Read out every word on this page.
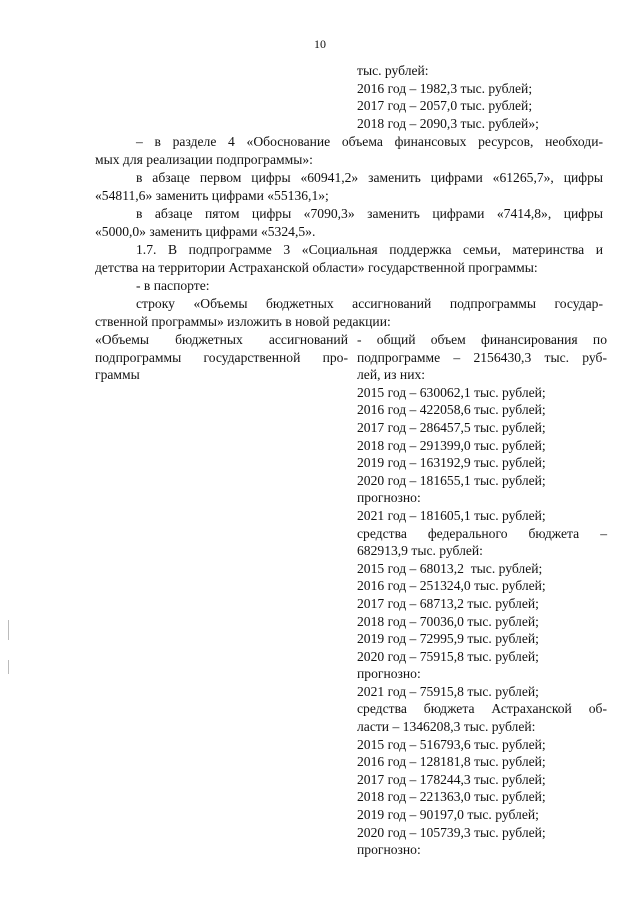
10
тыс. рублей:
2016 год – 1982,3 тыс. рублей;
2017 год – 2057,0 тыс. рублей;
2018 год – 2090,3 тыс. рублей»;
– в разделе 4 «Обоснование объема финансовых ресурсов, необходи-
мых для реализации подпрограммы»:
в абзаце первом цифры «60941,2» заменить цифрами «61265,7», цифры
«54811,6» заменить цифрами «55136,1»;
в абзаце пятом цифры «7090,3» заменить цифрами «7414,8», цифры
«5000,0» заменить цифрами «5324,5».
1.7. В подпрограмме 3 «Социальная поддержка семьи, материнства и
детства на территории Астраханской области» государственной программы:
- в паспорте:
строку «Объемы бюджетных ассигнований подпрограммы государ-
ственной программы» изложить в новой редакции:
«Объемы бюджетных ассигнований
подпрограммы государственной про-
граммы
- общий объем финансирования по
подпрограмме – 2156430,3 тыс. руб-
лей, из них:
2015 год – 630062,1 тыс. рублей;
2016 год – 422058,6 тыс. рублей;
2017 год – 286457,5 тыс. рублей;
2018 год – 291399,0 тыс. рублей;
2019 год – 163192,9 тыс. рублей;
2020 год – 181655,1 тыс. рублей;
прогнозно:
2021 год – 181605,1 тыс. рублей;
средства федерального бюджета –
682913,9 тыс. рублей:
2015 год – 68013,2  тыс. рублей;
2016 год – 251324,0 тыс. рублей;
2017 год – 68713,2 тыс. рублей;
2018 год – 70036,0 тыс. рублей;
2019 год – 72995,9 тыс. рублей;
2020 год – 75915,8 тыс. рублей;
прогнозно:
2021 год – 75915,8 тыс. рублей;
средства бюджета Астраханской об-
ласти – 1346208,3 тыс. рублей:
2015 год – 516793,6 тыс. рублей;
2016 год – 128181,8 тыс. рублей;
2017 год – 178244,3 тыс. рублей;
2018 год – 221363,0 тыс. рублей;
2019 год – 90197,0 тыс. рублей;
2020 год – 105739,3 тыс. рублей;
прогнозно:
